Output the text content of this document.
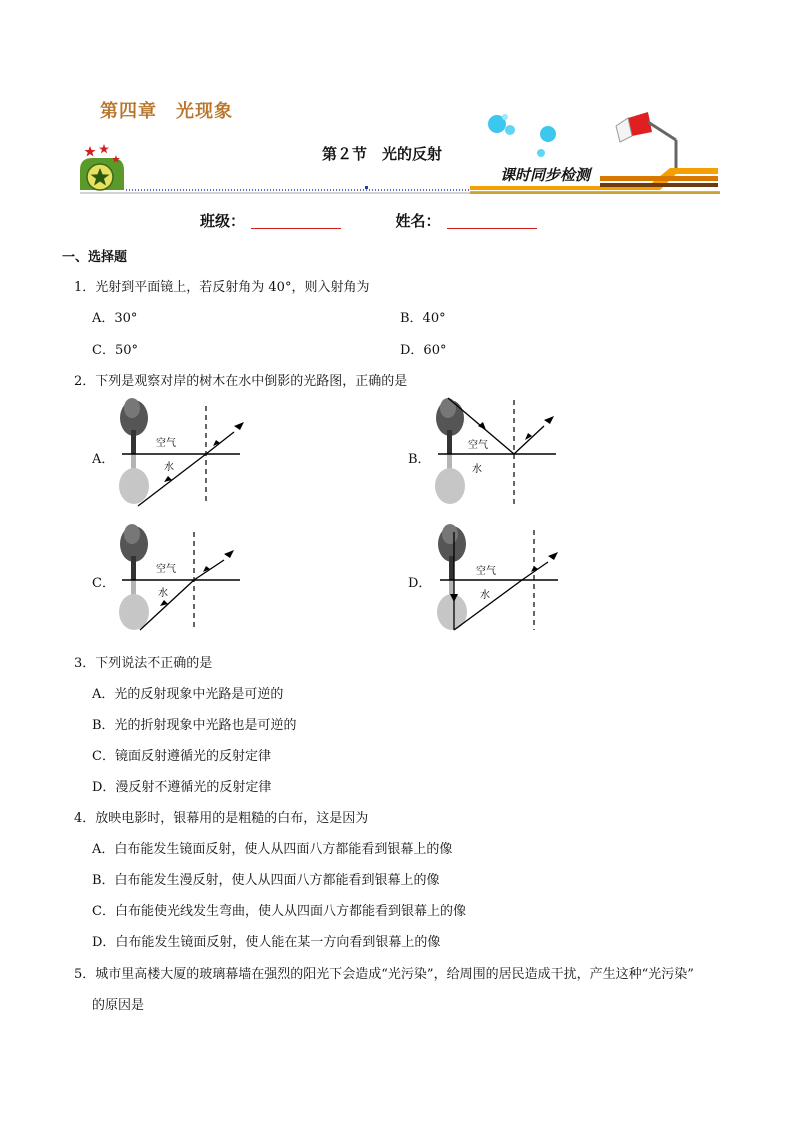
第四章　光现象
第２节　光的反射
课时同步检测
班级：	姓名：
一、选择题
1．光射到平面镜上，若反射角为 40°，则入射角为
A．30°	B．40°
C．50°	D．60°
2．下列是观察对岸的树木在水中倒影的光路图，正确的是
A．	B．
C．	D．
空气
水
空气
水
空气
水
空气
水
3．下列说法不正确的是
A．光的反射现象中光路是可逆的
B．光的折射现象中光路也是可逆的
C．镜面反射遵循光的反射定律
D．漫反射不遵循光的反射定律
4．放映电影时，银幕用的是粗糙的白布，这是因为
A．白布能发生镜面反射，使人从四面八方都能看到银幕上的像
B．白布能发生漫反射，使人从四面八方都能看到银幕上的像
C．白布能使光线发生弯曲，使人从四面八方都能看到银幕上的像
D．白布能发生镜面反射，使人能在某一方向看到银幕上的像
5．城市里高楼大厦的玻璃幕墙在强烈的阳光下会造成“光污染”，给周围的居民造成干扰，产生这种“光污染”
的原因是
